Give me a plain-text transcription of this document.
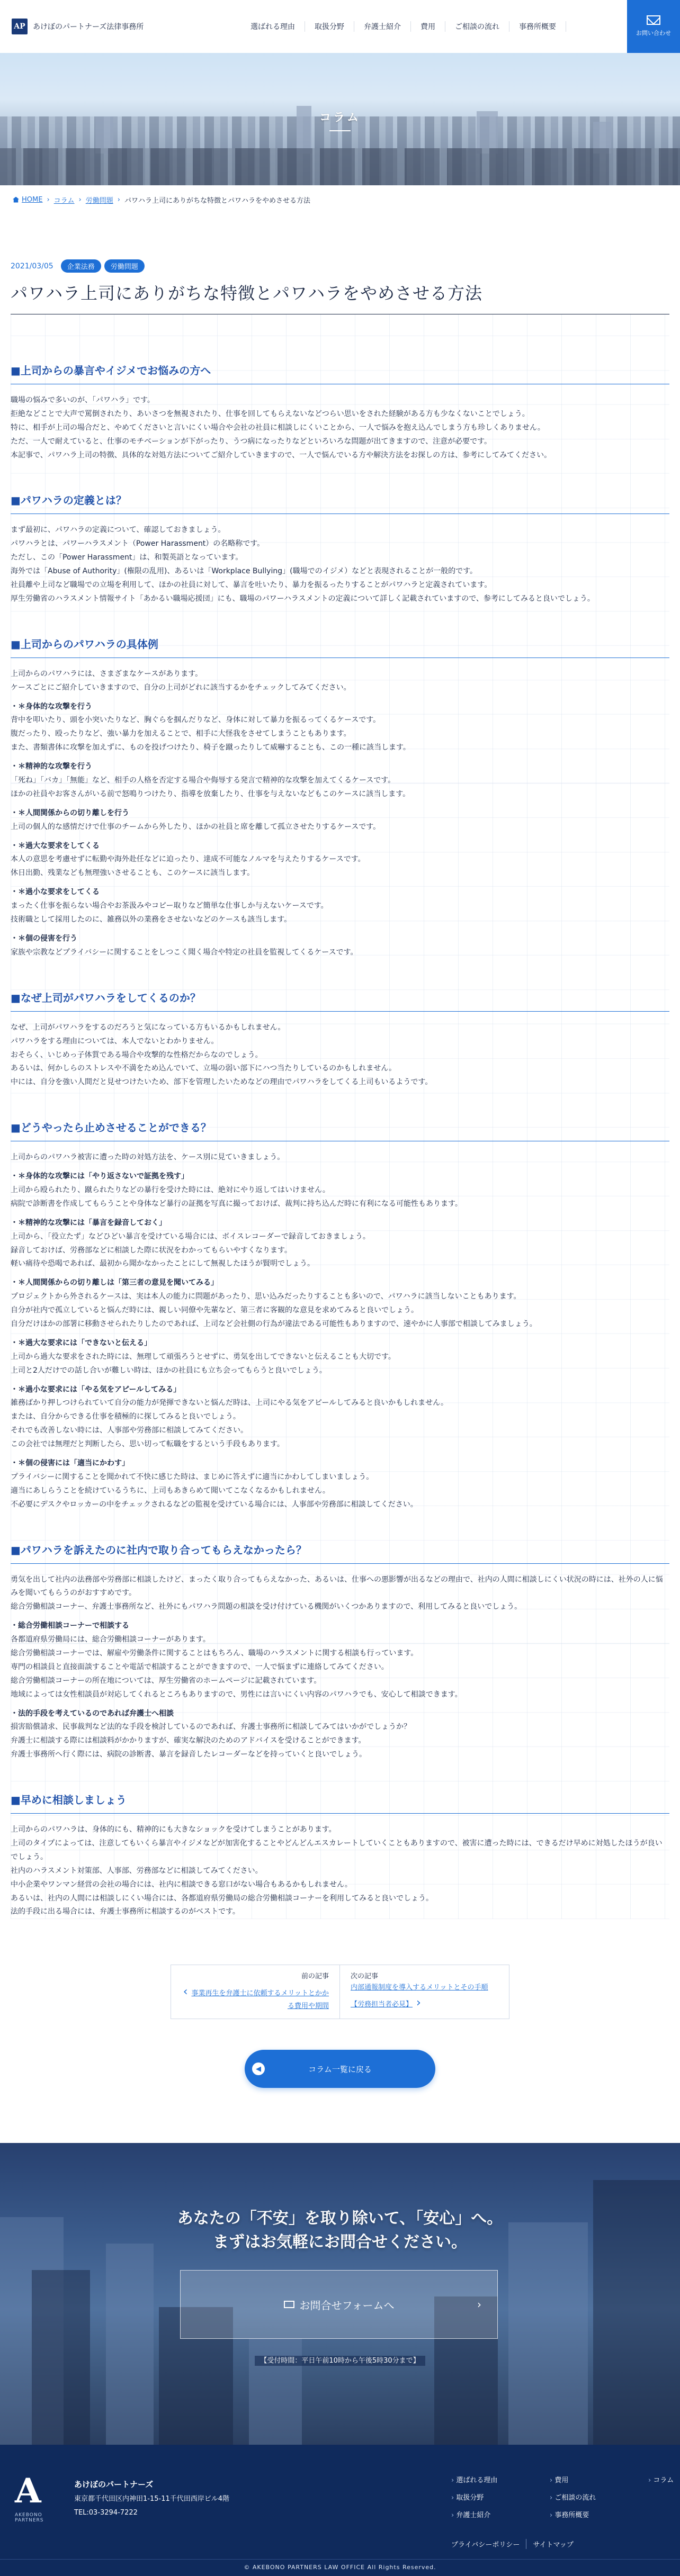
AP	あけぼのパートナーズ法律事務所	選ばれる理由	取扱分野	弁護士紹介	費用	ご相談の流れ	事務所概要
お問い合わせ
コラム
HOME › コラム › 労働問題 › パワハラ上司にありがちな特徴とパワハラをやめさせる方法
2021/03/05	企業法務	労働問題
パワハラ上司にありがちな特徴とパワハラをやめさせる方法
■上司からの暴言やイジメでお悩みの方へ

職場の悩みで多いのが、「パワハラ」です。
拒絶などことで大声で罵倒されたり、あいさつを無視されたり、仕事を回してもらえないなどつらい思いをされた経験がある方も少なくないことでしょう。
特に、相手が上司の場合だと、やめてくださいと言いにくい場合や会社の社員に相談しにくいことから、一人で悩みを抱え込んでしまう方も珍しくありません。
ただ、一人で耐えていると、仕事のモチベーションが下がったり、うつ病になったりなどといろいろな問題が出てきますので、注意が必要です。
本記事で、パワハラ上司の特徴、具体的な対処方法についてご紹介していきますので、一人で悩んでいる方や解決方法をお探しの方は、参考にしてみてください。

■パワハラの定義とは？

まず最初に、パワハラの定義について、確認しておきましょう。
パワハラとは、パワーハラスメント（Power Harassment）の名略称です。
ただし、この「Power Harassment」は、和製英語となっています。
海外では「Abuse of Authority」(権限の乱用)、あるいは「Workplace Bullying」(職場でのイジメ）などと表現されることが一般的です。
社員離や上司など職場での立場を利用して、ほかの社員に対して、暴言を吐いたり、暴力を振るったりすることがパワハラと定義されています。
厚生労働省のハラスメント情報サイト「あかるい職場応援団」にも、職場のパワーハラスメントの定義について詳しく記載されていますので、参考にしてみると良いでしょう。

■上司からのパワハラの具体例

上司からのパワハラには、さまざまなケースがあります。
ケースごとにご紹介していきますので、自分の上司がどれに該当するかをチェックしてみてください。

・＊身体的な攻撃を行う

背中を叩いたり、頭を小突いたりなど、胸ぐらを掴んだりなど、身体に対して暴力を振るってくるケースです。
腹だったり、殴ったりなど、強い暴力を加えることで、相手に大怪我をさせてしまうこともあります。
また、書類書体に攻撃を加えずに、ものを投げつけたり、椅子を蹴ったりして威嚇することも、この一種に該当します。

・＊精神的な攻撃を行う

「死ね」「バカ」「無能」など、相手の人格を否定する場合や侮辱する発言で精神的な攻撃を加えてくるケースです。
ほかの社員やお客さんがいる前で怒鳴りつけたり、指導を放棄したり、仕事を与えないなどもこのケースに該当します。

・＊人間関係からの切り離しを行う

上司の個人的な感情だけで仕事のチームから外したり、ほかの社員と席を離して孤立させたりするケースです。

・＊過大な要求をしてくる

本人の意思を考慮せずに転勤や海外赴任などに迫ったり、達成不可能なノルマを与えたりするケースです。
休日出勤、残業なども無理強いさせることも、このケースに該当します。

・＊過小な要求をしてくる

まったく仕事を振らない場合やお茶汲みやコピー取りなど簡単な仕事しか与えないケースです。
技術職として採用したのに、雑務以外の業務をさせないなどのケースも該当します。

・＊個の侵害を行う

家族や宗教などプライバシーに関することをしつこく聞く場合や特定の社員を監視してくるケースです。

■なぜ上司がパワハラをしてくるのか？

なぜ、上司がパワハラをするのだろうと気になっている方もいるかもしれません。
パワハラをする理由については、本人でないとわかりません。
おそらく、いじめっ子体質である場合や攻撃的な性格だからなのでしょう。
あるいは、何かしらのストレスや不満をため込んでいて、立場の弱い部下にハつ当たりしているのかもしれません。
中には、自分を強い人間だと見せつけたいため、部下を管理したいためなどの理由でパワハラをしてくる上司もいるようです。

■どうやったら止めさせることができる？

上司からのパワハラ被害に遭った時の対処方法を、ケース別に見ていきましょう。

・＊身体的な攻撃には「やり返さないで証拠を残す」

上司から殴られたり、蹴られたりなどの暴行を受けた時には、絶対にやり返してはいけません。
病院で診断書を作成してもらうことや身体など暴行の証拠を写真に撮っておけば、裁判に持ち込んだ時に有利になる可能性もあります。

・＊精神的な攻撃には「暴言を録音しておく」

上司から、「役立たず」などひどい暴言を受けている場合には、ボイスレコーダーで録音しておきましょう。
録音しておけば、労務部などに相談した際に状況をわかってもらいやすくなります。
軽い痛待や恐喝であれば、最初から聞かなかったことにして無視したほうが賢明でしょう。

・＊人間関係からの切り離しは「第三者の意見を聞いてみる」

プロジェクトから外されるケースは、実は本人の能力に問題があったり、思い込みだったりすることも多いので、パワハラに該当しないこともあります。
自分が社内で孤立していると悩んだ時には、親しい同僚や先輩など、第三者に客観的な意見を求めてみると良いでしょう。
自分だけほかの部署に移動させられたりしたのであれば、上司など会社側の行為が違法である可能性もありますので、速やかに人事部で相談してみましょう。

・＊過大な要求には「できないと伝える」

上司から過大な要求をされた時には、無理して頑張ろうとせずに、勇気を出してできないと伝えることも大切です。
上司と2人だけでの話し合いが難しい時は、ほかの社員にも立ち会ってもらうと良いでしょう。

・＊過小な要求には「やる気をアピールしてみる」

雑務ばかり押しつけられていて自分の能力が発揮できないと悩んだ時は、上司にやる気をアピールしてみると良いかもしれません。
または、自分からできる仕事を積極的に探してみると良いでしょう。
それでも改善しない時には、人事部や労務部に相談してみてください。
この会社では無理だと判断したら、思い切って転職をするという手段もあります。

・＊個の侵害には「適当にかわす」

プライバシーに関することを聞かれて不快に感じた時は、まじめに答えずに適当にかわしてしまいましょう。
適当にあしらうことを続けているうちに、上司もあきらめて聞いてこなくなるかもしれません。
不必要にデスクやロッカーの中をチェックされるなどの監視を受けている場合には、人事部や労務部に相談してください。

■パワハラを訴えたのに社内で取り合ってもらえなかったら？

勇気を出して社内の法務部や労務部に相談したけど、まったく取り合ってもらえなかった、あるいは、仕事への悪影響が出るなどの理由で、社内の人間に相談しにくい状況の時には、社外の人に悩みを聞いてもらうのがおすすめです。
総合労働相談コーナー、弁護士事務所など、社外にもパワハラ問題の相談を受け付けている機関がいくつかありますので、利用してみると良いでしょう。

・総合労働相談コーナーで相談する

各都道府県労働局には、総合労働相談コーナーがあります。
総合労働相談コーナーでは、解雇や労働条件に関することはもちろん、職場のハラスメントに関する相談も行っています。
専門の相談員と直接面談することや電話で相談することができますので、一人で悩まずに連絡してみてください。
総合労働相談コーナーの所在地については、厚生労働省のホームページに記載されています。
地域によっては女性相談員が対応してくれるところもありますので、男性には言いにくい内容のパワハラでも、安心して相談できます。

・法的手段を考えているのであれば弁護士へ相談

損害賠償請求、民事裁判など法的な手段を検討しているのであれば、弁護士事務所に相談してみてはいかがでしょうか？
弁護士に相談する際には相談料がかかりますが、確実な解決のためのアドバイスを受けることができます。
弁護士事務所へ行く際には、病院の診断書、暴言を録音したレコーダーなどを持っていくと良いでしょう。

■早めに相談しましょう

上司からのパワハラは、身体的にも、精神的にも大きなショックを受けてしまうことがあります。
上司のタイプによっては、注意してもいくら暴言やイジメなどが加害化することやどんどんエスカレートしていくこともありますので、被害に遭った時には、できるだけ早めに対処したほうが良いでしょう。
社内のハラスメント対策部、人事部、労務部などに相談してみてください。
中小企業やワンマン経営の会社の場合には、社内に相談できる窓口がない場合もあるかもしれません。
あるいは、社内の人間には相談しにくい場合には、各都道府県労働局の総合労働相談コーナーを利用してみると良いでしょう。
法的手段に出る場合には、弁護士事務所に相談するのがベストです。

前の記事
‹ 事業再生を弁護士に依頼するメリットとかかる費用や期間
次の記事
内部通報制度を導入するメリットとその手順【労務担当者必見】 ›
◀	コラム一覧に戻る
あなたの「不安」を取り除いて、「安心」へ。
まずはお気軽にお問合せください。
お問合せフォームへ	›
【受付時間：平日午前10時から午後5時30分まで】
A
AKEBONO PARTNERS
あけぼのパートナーズ
東京都千代田区内神田1-15-11千代田西岸ビル4階
TEL:03-3294-7222
› 選ばれる理由	› 費用	› コラム
› 取扱分野	› ご相談の流れ
› 弁護士紹介	› 事務所概要
プライバシーポリシー	サイトマップ
© AKEBONO PARTNERS LAW OFFICE All Rights Reserved.
